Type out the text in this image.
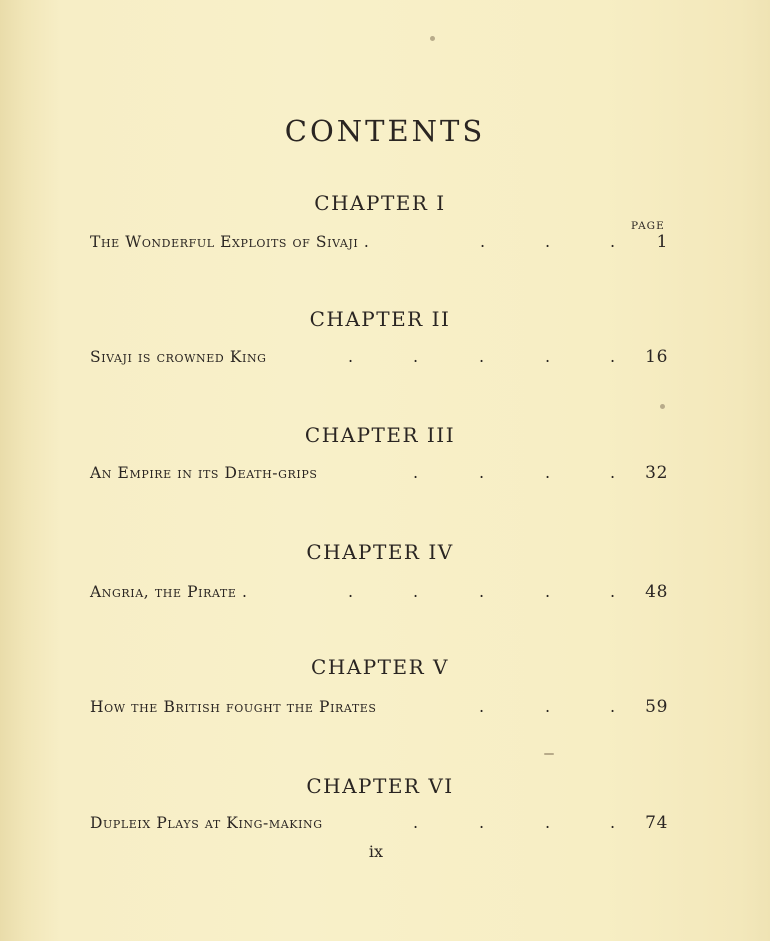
CONTENTS
PAGE
CHAPTER I
The Wonderful Exploits of Sivaji .	.	.	. 1
CHAPTER II
Sivaji is crowned King	.	.	.	.	. 16
CHAPTER III
An Empire in its Death-grips	.	.	.	. 32
CHAPTER IV
Angria, the Pirate .	.	.	.	.	. 48
CHAPTER V
How the British fought the Pirates	.	.	. 59
CHAPTER VI
Dupleix Plays at King-making	.	.	.	. 74
ix
